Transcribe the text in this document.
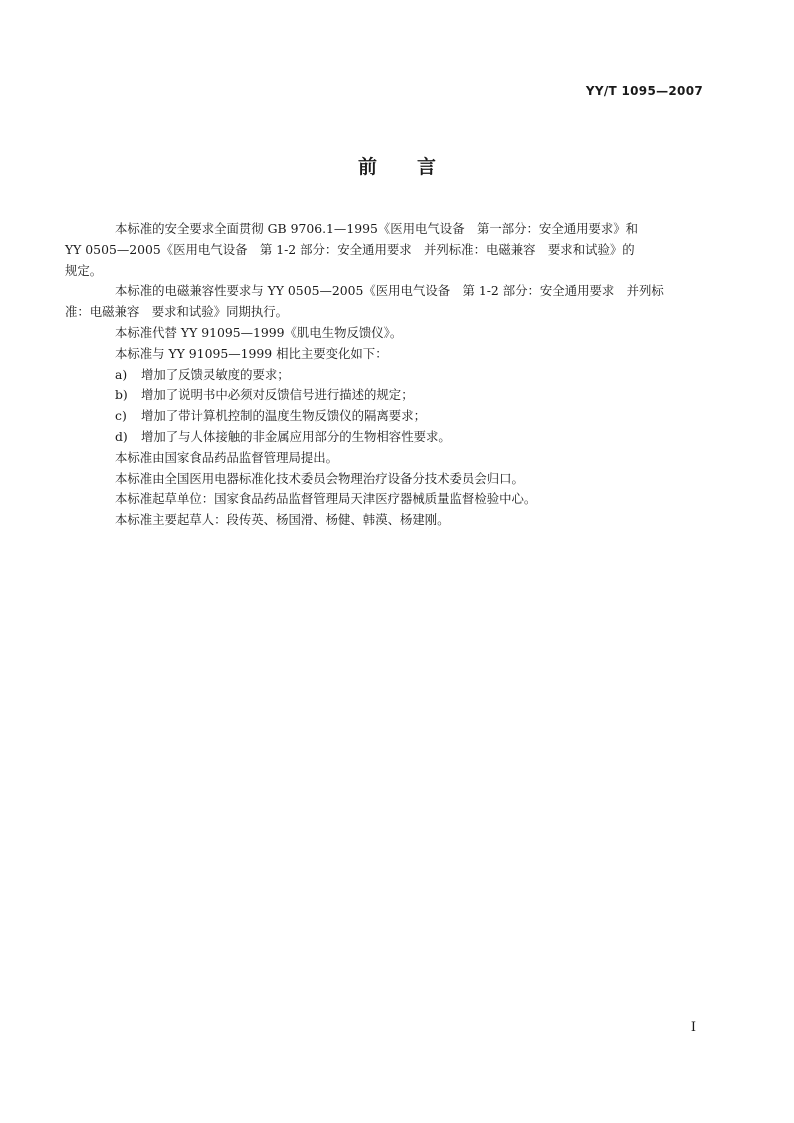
YY/T 1095—2007
前言

本标准的安全要求全面贯彻 GB 9706.1—1995《医用电气设备　第一部分：安全通用要求》和
YY 0505—2005《医用电气设备　第 1-2 部分：安全通用要求　并列标准：电磁兼容　要求和试验》的
规定。

本标准的电磁兼容性要求与 YY 0505—2005《医用电气设备　第 1-2 部分：安全通用要求　并列标
准：电磁兼容　要求和试验》同期执行。

本标准代替 YY 91095—1999《肌电生物反馈仪》。

本标准与 YY 91095—1999 相比主要变化如下：

a) 增加了反馈灵敏度的要求；

b) 增加了说明书中必须对反馈信号进行描述的规定；

c) 增加了带计算机控制的温度生物反馈仪的隔离要求；

d) 增加了与人体接触的非金属应用部分的生物相容性要求。

本标准由国家食品药品监督管理局提出。

本标准由全国医用电器标准化技术委员会物理治疗设备分技术委员会归口。

本标准起草单位：国家食品药品监督管理局天津医疗器械质量监督检验中心。

本标准主要起草人：段传英、杨国滑、杨健、韩漠、杨建刚。

I
